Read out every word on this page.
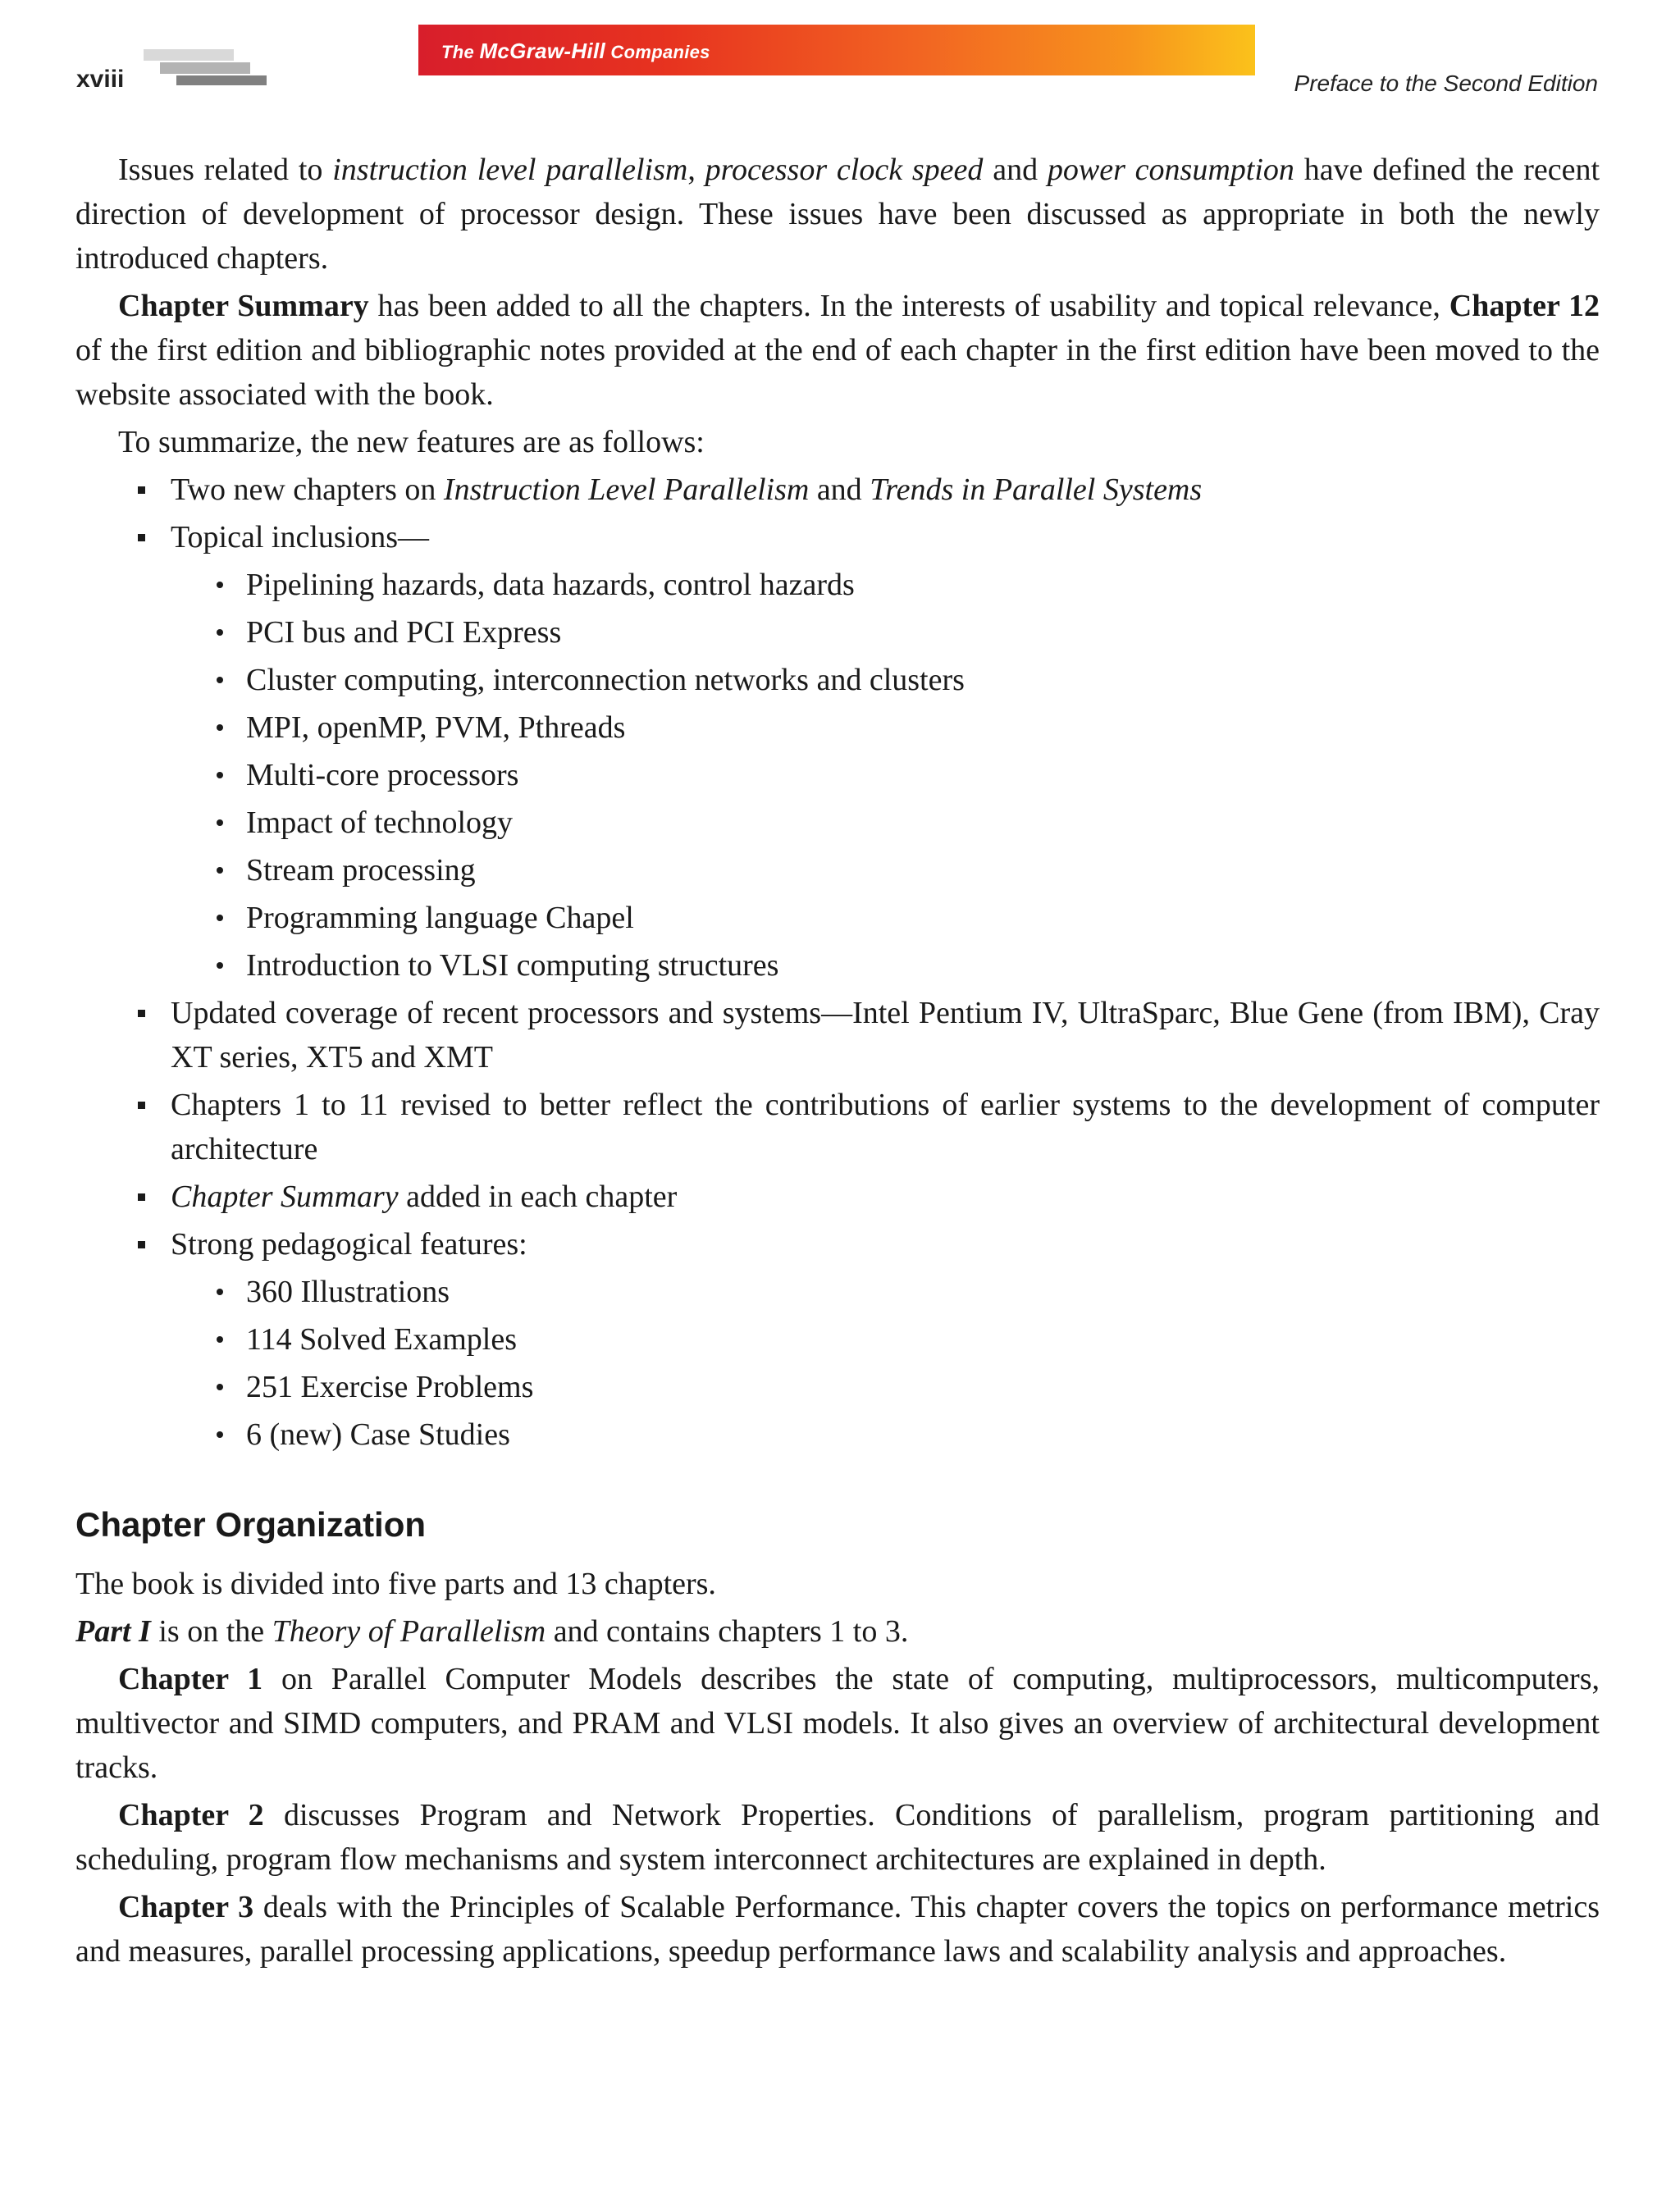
xviii
The McGraw-Hill Companies
Preface to the Second Edition

Issues related to instruction level parallelism, processor clock speed and power consumption have defined the recent direction of development of processor design. These issues have been discussed as appropriate in both the newly introduced chapters.

Chapter Summary has been added to all the chapters. In the interests of usability and topical relevance, Chapter 12 of the first edition and bibliographic notes provided at the end of each chapter in the first edition have been moved to the website associated with the book.

To summarize, the new features are as follows:

Two new chapters on Instruction Level Parallelism and Trends in Parallel Systems
Topical inclusions—
Pipelining hazards, data hazards, control hazards
PCI bus and PCI Express
Cluster computing, interconnection networks and clusters
MPI, openMP, PVM, Pthreads
Multi-core processors
Impact of technology
Stream processing
Programming language Chapel
Introduction to VLSI computing structures
Updated coverage of recent processors and systems—Intel Pentium IV, UltraSparc, Blue Gene (from IBM), Cray XT series, XT5 and XMT
Chapters 1 to 11 revised to better reflect the contributions of earlier systems to the development of computer architecture
Chapter Summary added in each chapter
Strong pedagogical features:
360 Illustrations
114 Solved Examples
251 Exercise Problems
6 (new) Case Studies
Chapter Organization

The book is divided into five parts and 13 chapters.

Part I is on the Theory of Parallelism and contains chapters 1 to 3.

Chapter 1 on Parallel Computer Models describes the state of computing, multiprocessors, multicomputers, multivector and SIMD computers, and PRAM and VLSI models. It also gives an overview of architectural development tracks.

Chapter 2 discusses Program and Network Properties. Conditions of parallelism, program partitioning and scheduling, program flow mechanisms and system interconnect architectures are explained in depth.

Chapter 3 deals with the Principles of Scalable Performance. This chapter covers the topics on performance metrics and measures, parallel processing applications, speedup performance laws and scalability analysis and approaches.
